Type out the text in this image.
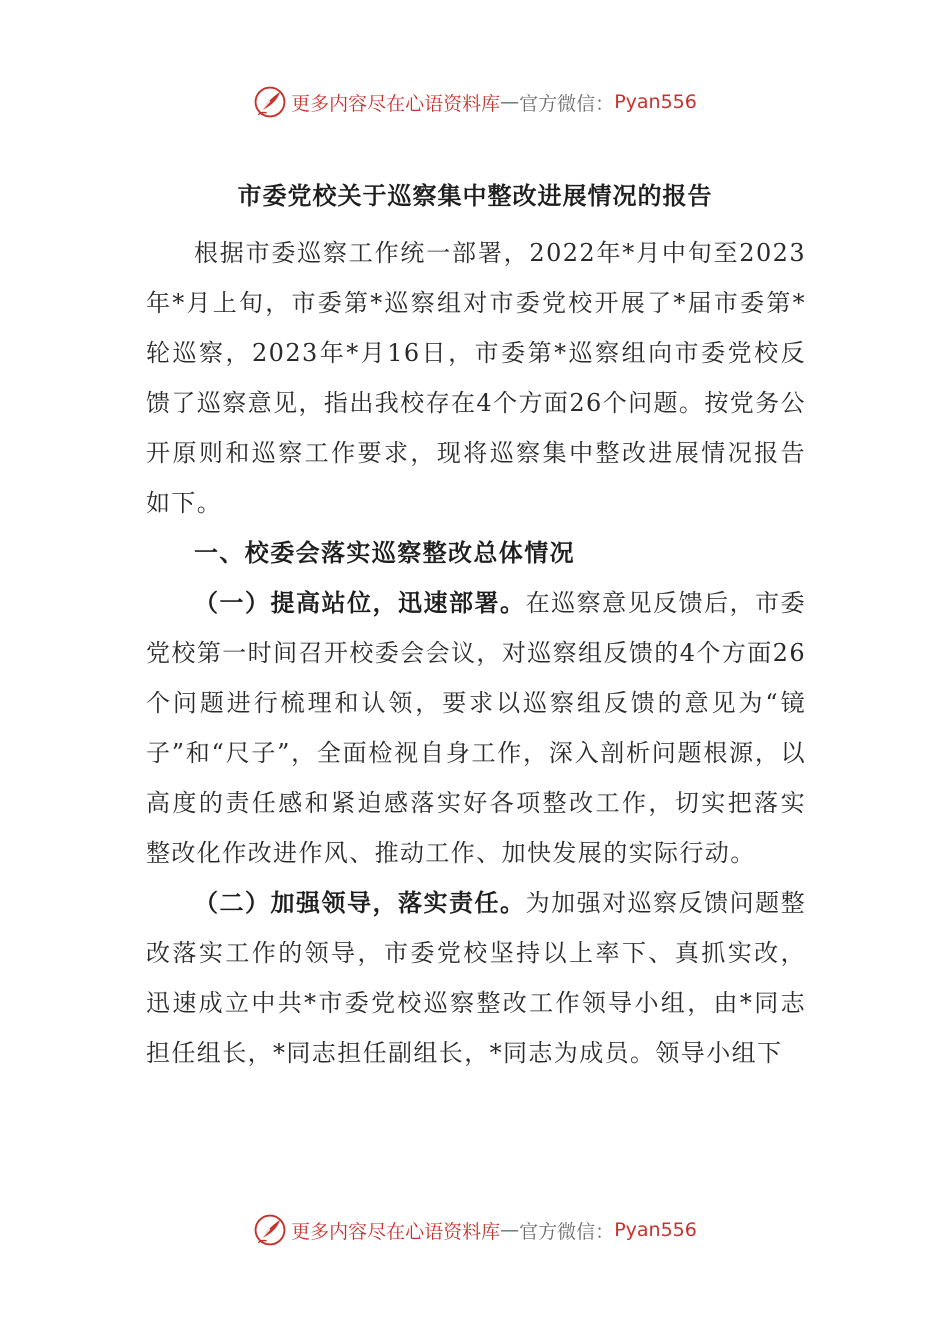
更多内容尽在心语资料库 — 官方微信： Pyan556
市委党校关于巡察集中整改进展情况的报告

根据市委巡察工作统一部署，2022年*月中旬至2023年*月上旬，市委第*巡察组对市委党校开展了*届市委第*轮巡察，2023年*月16日，市委第*巡察组向市委党校反馈了巡察意见，指出我校存在4个方面26个问题。按党务公开原则和巡察工作要求，现将巡察集中整改进展情况报告如下。

一、校委会落实巡察整改总体情况

（一）提高站位，迅速部署。在巡察意见反馈后，市委党校第一时间召开校委会会议，对巡察组反馈的4个方面26个问题进行梳理和认领，要求以巡察组反馈的意见为“镜子”和“尺子”，全面检视自身工作，深入剖析问题根源，以高度的责任感和紧迫感落实好各项整改工作，切实把落实整改化作改进作风、推动工作、加快发展的实际行动。

（二）加强领导，落实责任。为加强对巡察反馈问题整改落实工作的领导，市委党校坚持以上率下、真抓实改，迅速成立中共*市委党校巡察整改工作领导小组，由*同志担任组长，*同志担任副组长，*同志为成员。领导小组下

更多内容尽在心语资料库 — 官方微信： Pyan556
